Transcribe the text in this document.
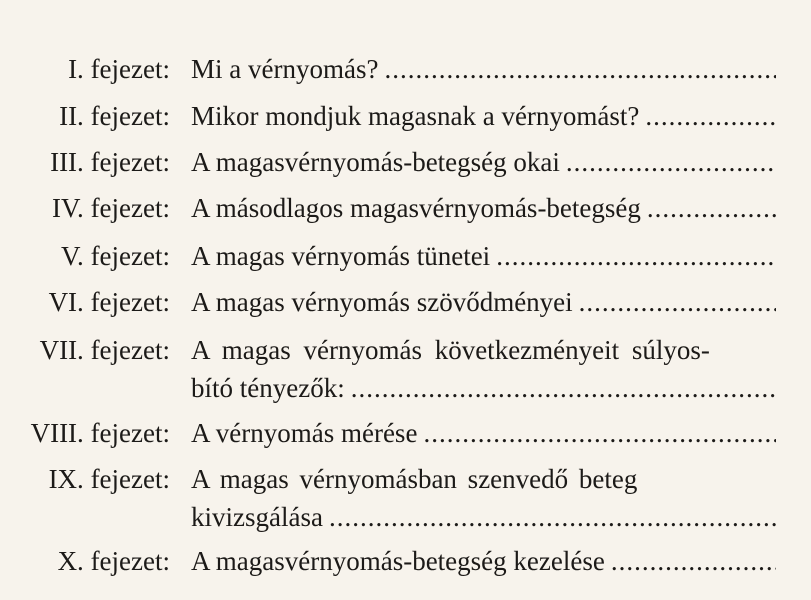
I. fejezet: Mi a vérnyomás?
.....
II. fejezet: Mikor mondjuk magasnak a vérnyomást?
.....
III. fejezet: A magasvérnyomás-betegség okai
.....
IV. fejezet: A másodlagos magasvérnyomás-betegség
.....
V. fejezet: A magas vérnyomás tünetei
.....
VI. fejezet: A magas vérnyomás szövődményei
.....
VII. fejezet: A magas vérnyomás következményeit súlyos-
bító tényezők:
.....
VIII. fejezet: A vérnyomás mérése
.....
IX. fejezet: A magas vérnyomásban szenvedő beteg
kivizsgálása
.....
X. fejezet: A magasvérnyomás-betegség kezelése
.....
